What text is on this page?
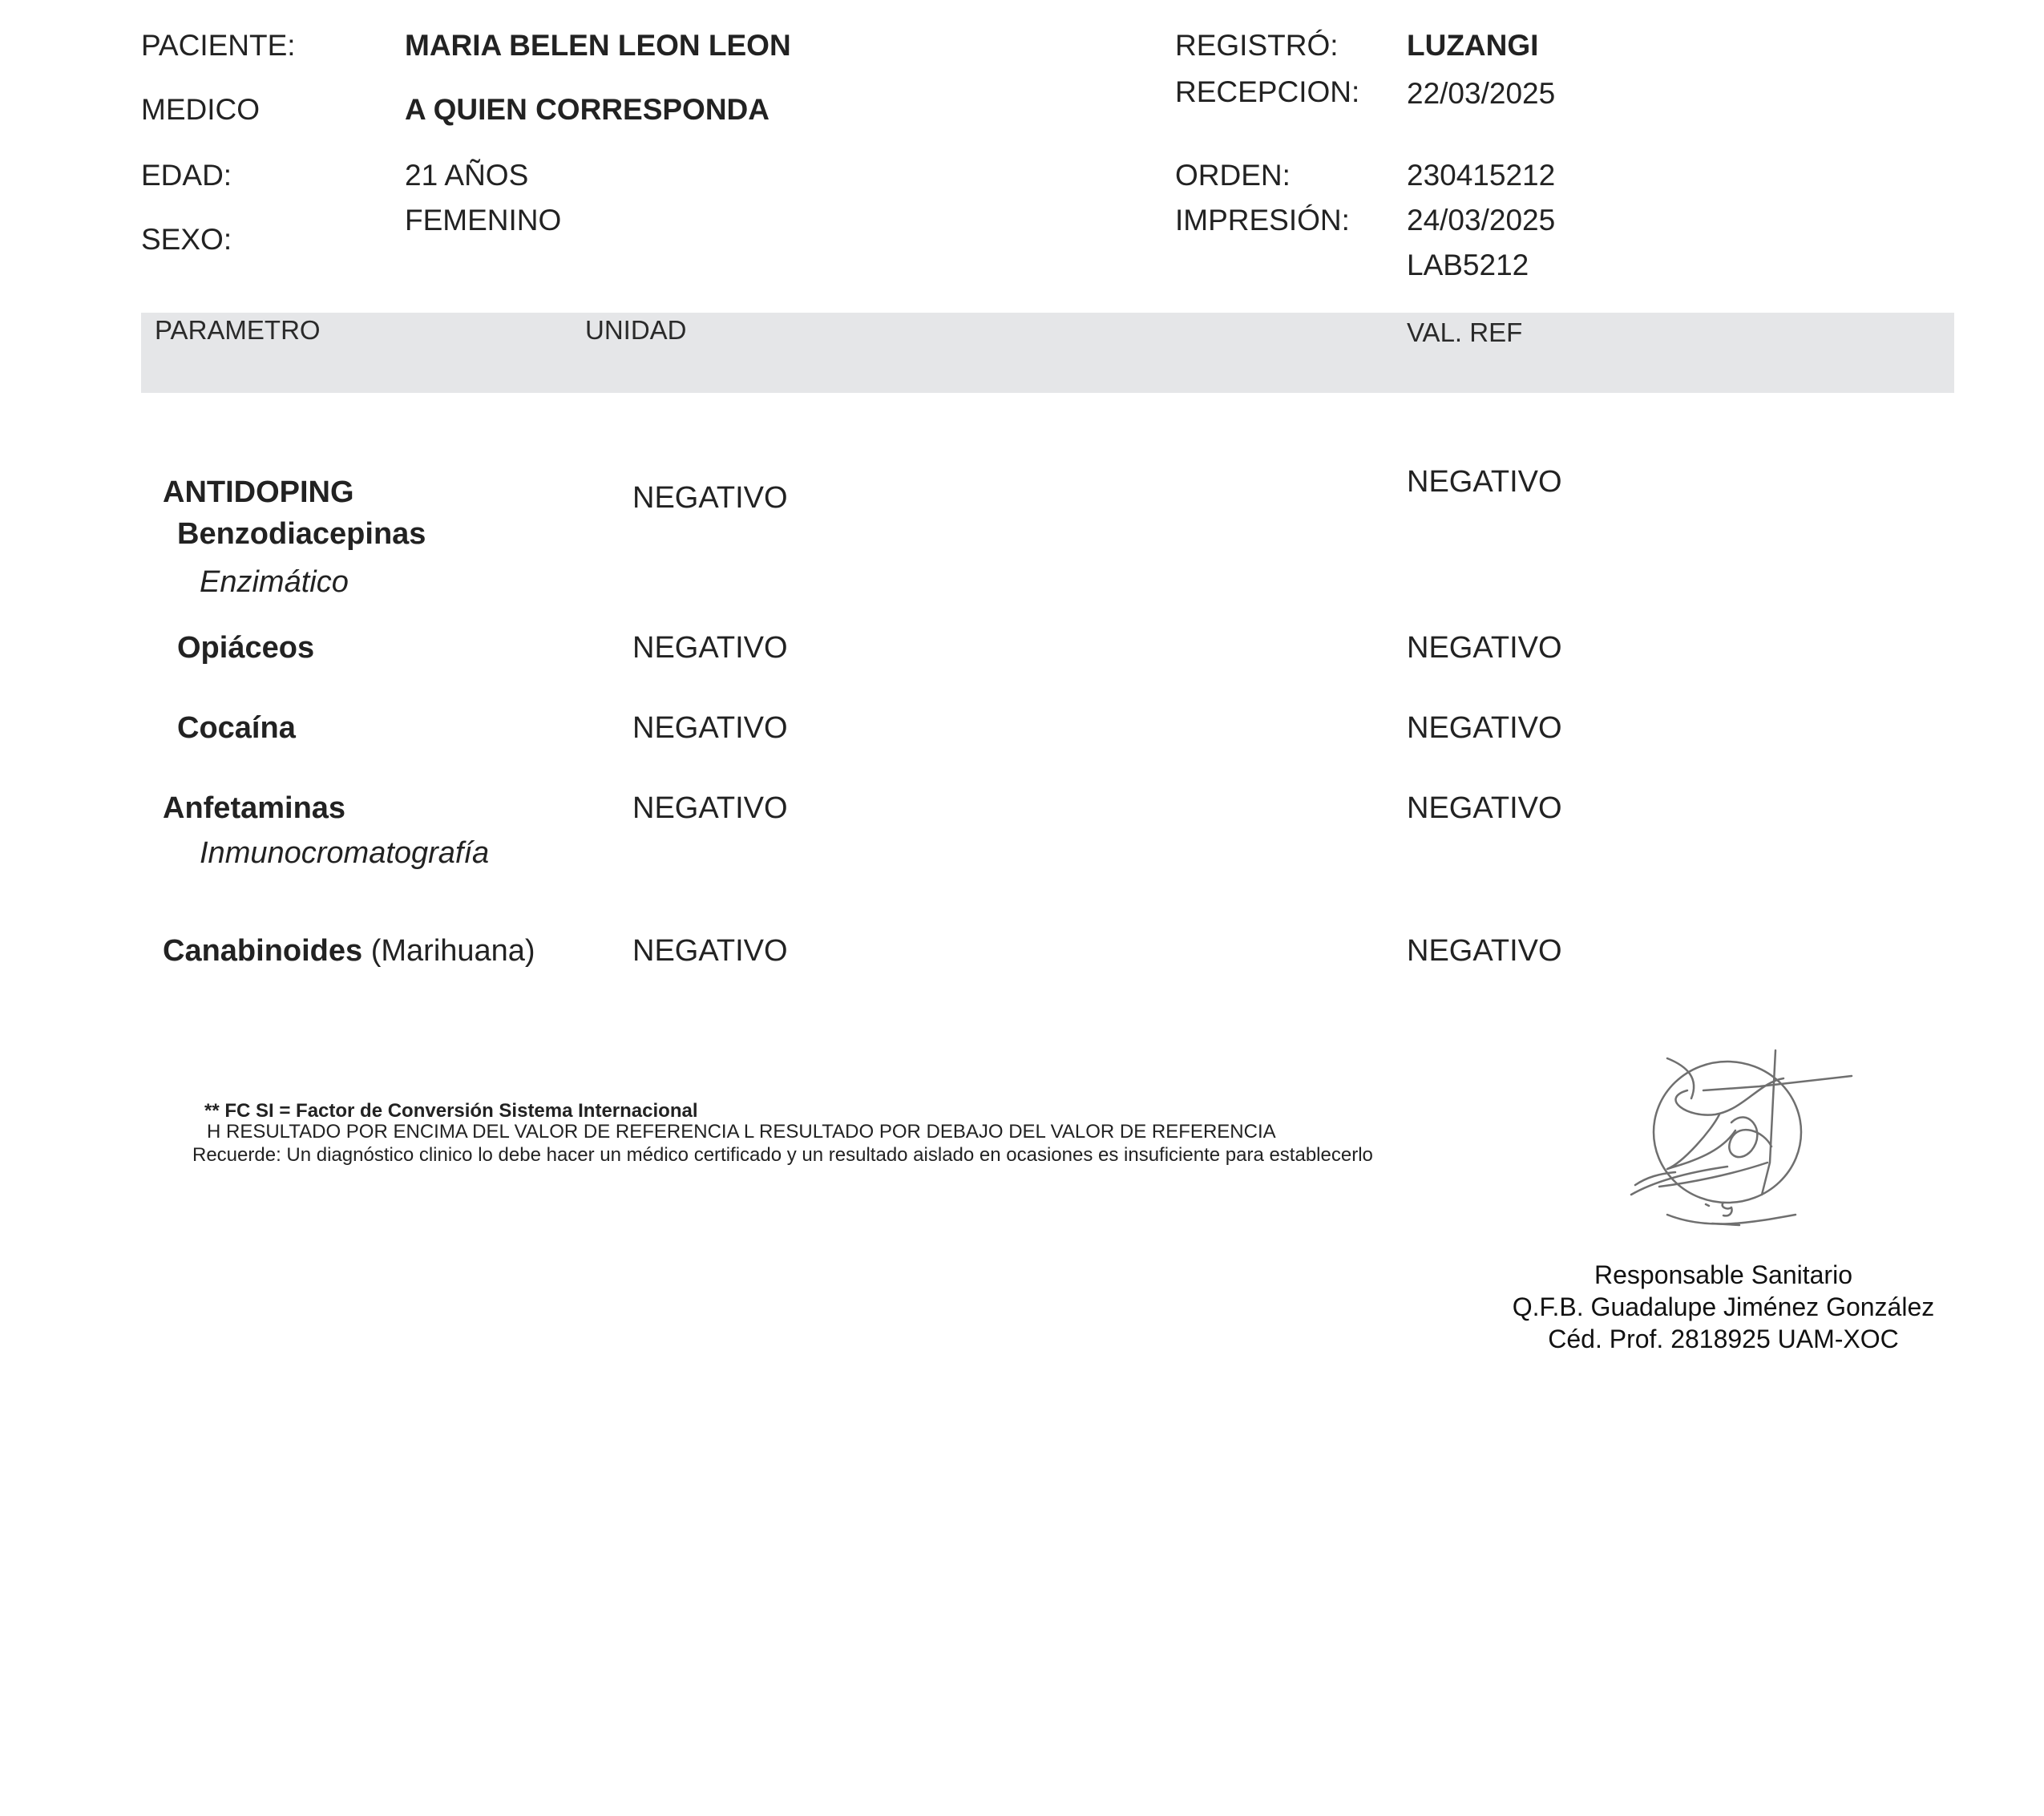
PACIENTE:	MARIA BELEN LEON LEON
MEDICO	A QUIEN CORRESPONDA
EDAD:	21 AÑOS
SEXO:
FEMENINO
REGISTRÓ: LUZANGI
RECEPCION: 22/03/2025
ORDEN:	230415212
IMPRESIÓN: 24/03/2025
LAB5212
PARAMETRO	UNIDAD	VAL. REF
ANTIDOPING
Benzodiacepinas
Enzimático
NEGATIVO	NEGATIVO
Opiáceos	NEGATIVO	NEGATIVO
Cocaína	NEGATIVO	NEGATIVO
Anfetaminas
Inmunocromatografía
NEGATIVO	NEGATIVO
Canabinoides (Marihuana)	NEGATIVO	NEGATIVO
** FC SI = Factor de Conversión Sistema Internacional
H RESULTADO POR ENCIMA DEL VALOR DE REFERENCIA L RESULTADO POR DEBAJO DEL VALOR DE REFERENCIA
Recuerde: Un diagnóstico clinico lo debe hacer un médico certificado y un resultado aislado en ocasiones es insuficiente para establecerlo
Responsable Sanitario
Q.F.B. Guadalupe Jiménez González
Céd. Prof. 2818925 UAM-XOC
